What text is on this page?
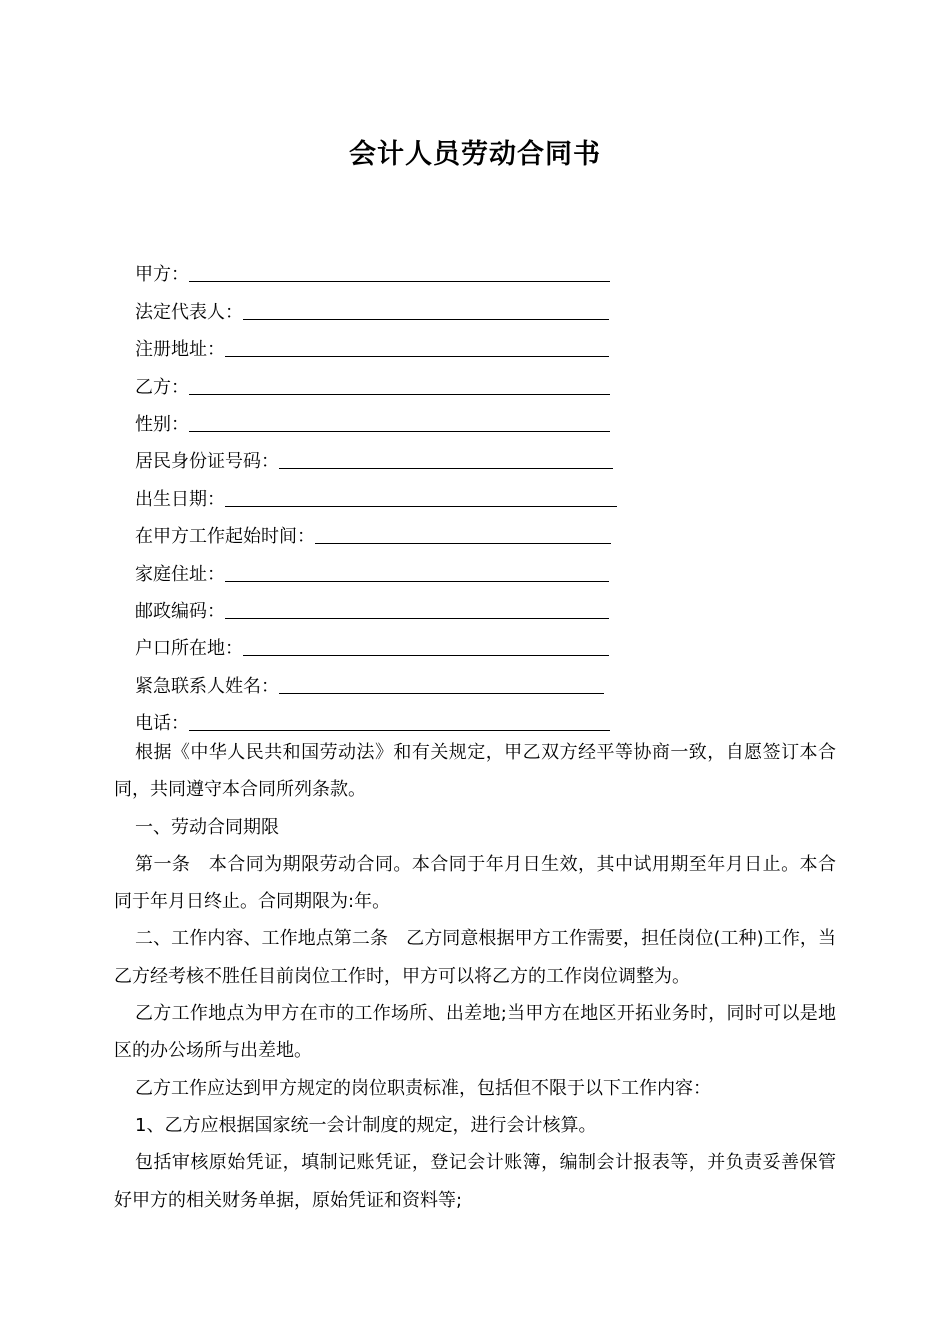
会计人员劳动合同书
甲方：
法定代表人：
注册地址：
乙方：
性别：
居民身份证号码：
出生日期：
在甲方工作起始时间：
家庭住址：
邮政编码：
户口所在地：
紧急联系人姓名：
电话：

根据《中华人民共和国劳动法》和有关规定，甲乙双方经平等协商一致，自愿签订本合同，共同遵守本合同所列条款。

一、劳动合同期限

第一条　本合同为期限劳动合同。本合同于年月日生效，其中试用期至年月日止。本合同于年月日终止。合同期限为:年。

二、工作内容、工作地点第二条　乙方同意根据甲方工作需要，担任岗位(工种)工作，当乙方经考核不胜任目前岗位工作时，甲方可以将乙方的工作岗位调整为。

乙方工作地点为甲方在市的工作场所、出差地;当甲方在地区开拓业务时，同时可以是地区的办公场所与出差地。

乙方工作应达到甲方规定的岗位职责标准，包括但不限于以下工作内容：

1、乙方应根据国家统一会计制度的规定，进行会计核算。

包括审核原始凭证，填制记账凭证，登记会计账簿，编制会计报表等，并负责妥善保管好甲方的相关财务单据，原始凭证和资料等;
